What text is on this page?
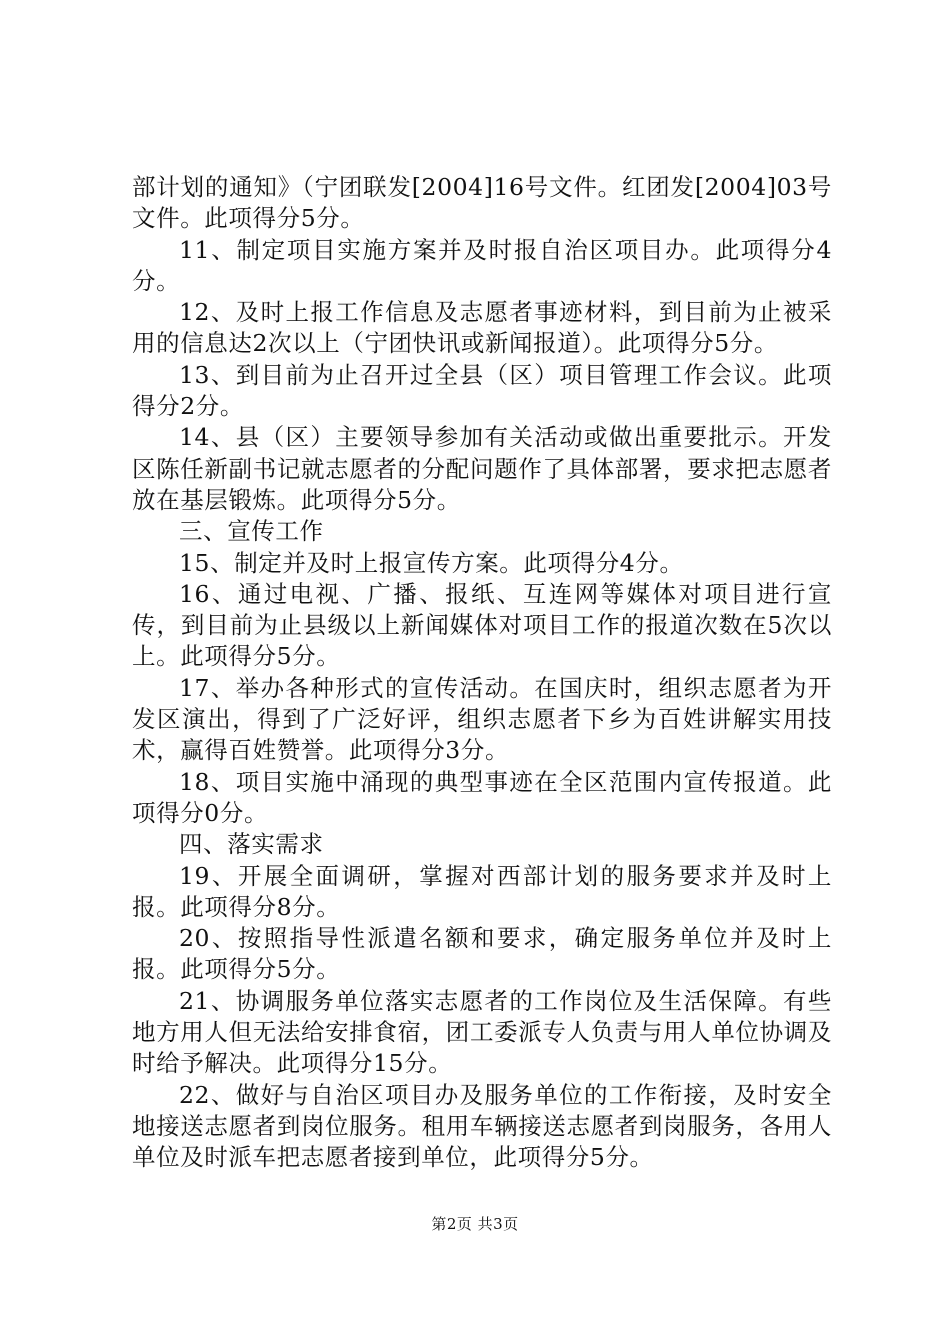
部计划的通知》（宁团联发[2004]16号文件。红团发[2004]03号文件。此项得分5分。

11、制定项目实施方案并及时报自治区项目办。此项得分4分。

12、及时上报工作信息及志愿者事迹材料，到目前为止被采用的信息达2次以上（宁团快讯或新闻报道）。此项得分5分。

13、到目前为止召开过全县（区）项目管理工作会议。此项得分2分。

14、县（区）主要领导参加有关活动或做出重要批示。开发区陈任新副书记就志愿者的分配问题作了具体部署，要求把志愿者放在基层锻炼。此项得分5分。

三、宣传工作

15、制定并及时上报宣传方案。此项得分4分。

16、通过电视、广播、报纸、互连网等媒体对项目进行宣传，到目前为止县级以上新闻媒体对项目工作的报道次数在5次以上。此项得分5分。

17、举办各种形式的宣传活动。在国庆时，组织志愿者为开发区演出，得到了广泛好评，组织志愿者下乡为百姓讲解实用技术，赢得百姓赞誉。此项得分3分。

18、项目实施中涌现的典型事迹在全区范围内宣传报道。此项得分0分。

四、落实需求

19、开展全面调研，掌握对西部计划的服务要求并及时上报。此项得分8分。

20、按照指导性派遣名额和要求，确定服务单位并及时上报。此项得分5分。

21、协调服务单位落实志愿者的工作岗位及生活保障。有些地方用人但无法给安排食宿，团工委派专人负责与用人单位协调及时给予解决。此项得分15分。

22、做好与自治区项目办及服务单位的工作衔接，及时安全地接送志愿者到岗位服务。租用车辆接送志愿者到岗服务，各用人单位及时派车把志愿者接到单位，此项得分5分。

第2页 共3页
